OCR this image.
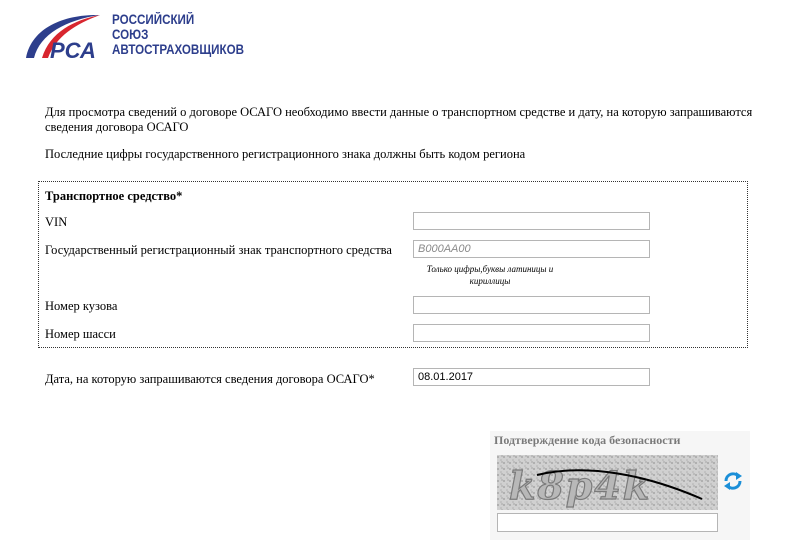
РСА
РОССИЙСКИЙ
СОЮЗ
АВТОСТРАХОВЩИКОВ
Для просмотра сведений о договоре ОСАГО необходимо ввести данные о транспортном средстве и дату, на которую запрашиваются сведения договора ОСАГО
Последние цифры государственного регистрационного знака должны быть кодом региона
Транспортное средство*
VIN
Государственный регистрационный знак транспортного средства
В000АА00
Только цифры,буквы латиницы и кириллицы
Номер кузова
Номер шасси
Дата, на которую запрашиваются сведения договора ОСАГО*
08.01.2017
Подтверждение кода безопасности
k8p4k
